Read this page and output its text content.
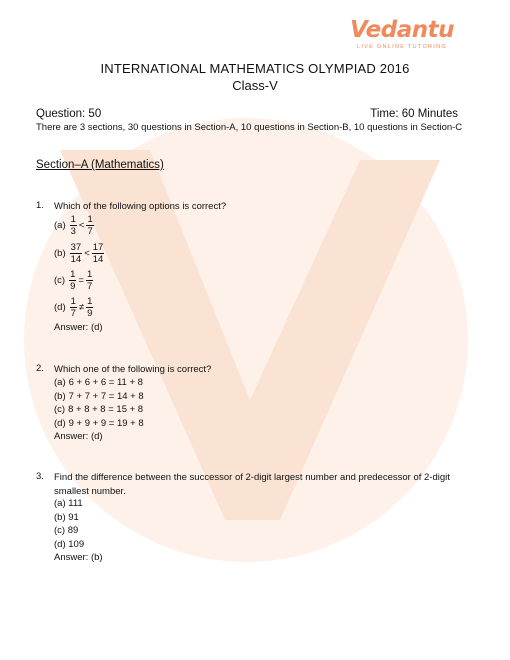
Vedantu
LIVE ONLINE TUTORING
INTERNATIONAL MATHEMATICS OLYMPIAD 2016
Class-V
Question: 50	Time: 60 Minutes
There are 3 sections, 30 questions in Section-A, 10 questions in Section-B, 10 questions in Section-C
Section–A (Mathematics)
1. Which of the following options is correct?
$(a) \frac{1}{3} < \frac{1}{7}$
$(b) \frac{37}{14} < \frac{17}{14}$
$(c) \frac{1}{9} = \frac{1}{7}$
$(d) \frac{1}{7} \ne \frac{1}{9}$
Answer: (d)
2. Which one of the following is correct?
(a) 6 + 6 + 6 = 11 + 8
(b) 7 + 7 + 7 = 14 + 8
(c) 8 + 8 + 8 = 15 + 8
(d) 9 + 9 + 9 = 19 + 8
Answer: (d)
3. Find the difference between the successor of 2-digit largest number and predecessor of 2-digit smallest number.
(a) 111
(b) 91
(c) 89
(d) 109
Answer: (b)
